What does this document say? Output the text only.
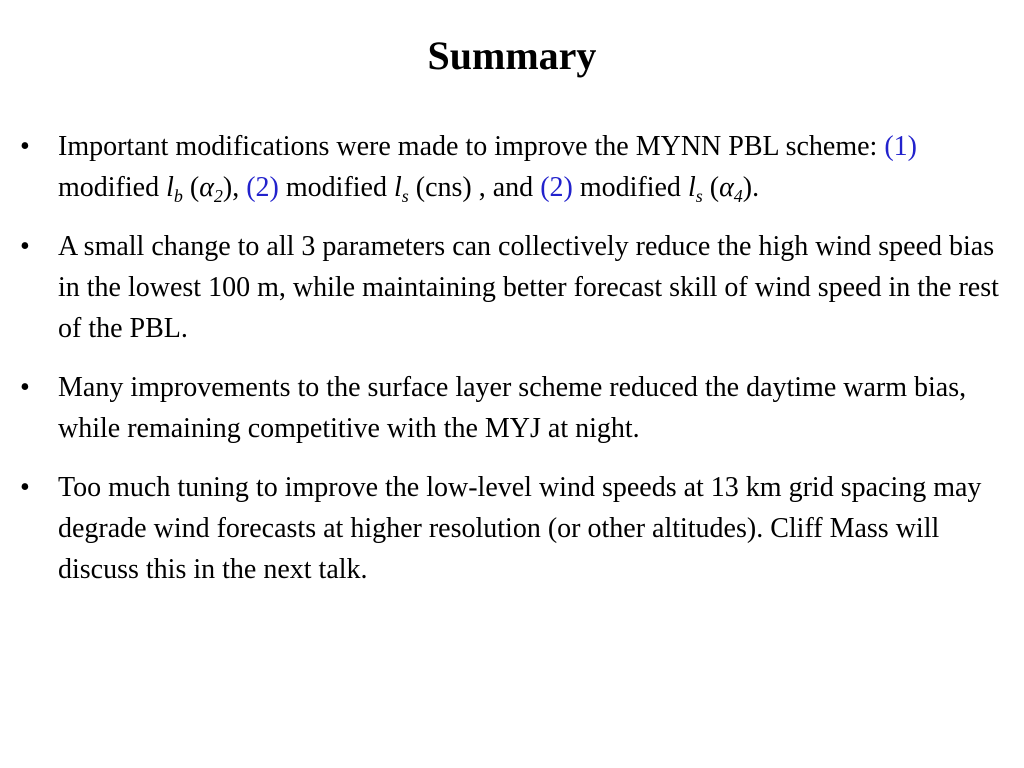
Summary
• Important modifications were made to improve the MYNN PBL scheme: (1) modified $l_b$ $(\alpha_2)$, (2) modified $l_s$ (cns) , and (2) modified $l_s$ $(\alpha_4)$.
• A small change to all 3 parameters can collectively reduce the high wind speed bias in the lowest 100 m, while maintaining better forecast skill of wind speed in the rest of the PBL.
• Many improvements to the surface layer scheme reduced the daytime warm bias, while remaining competitive with the MYJ at night.
• Too much tuning to improve the low-level wind speeds at 13 km grid spacing may degrade wind forecasts at higher resolution (or other altitudes). Cliff Mass will discuss this in the next talk.
